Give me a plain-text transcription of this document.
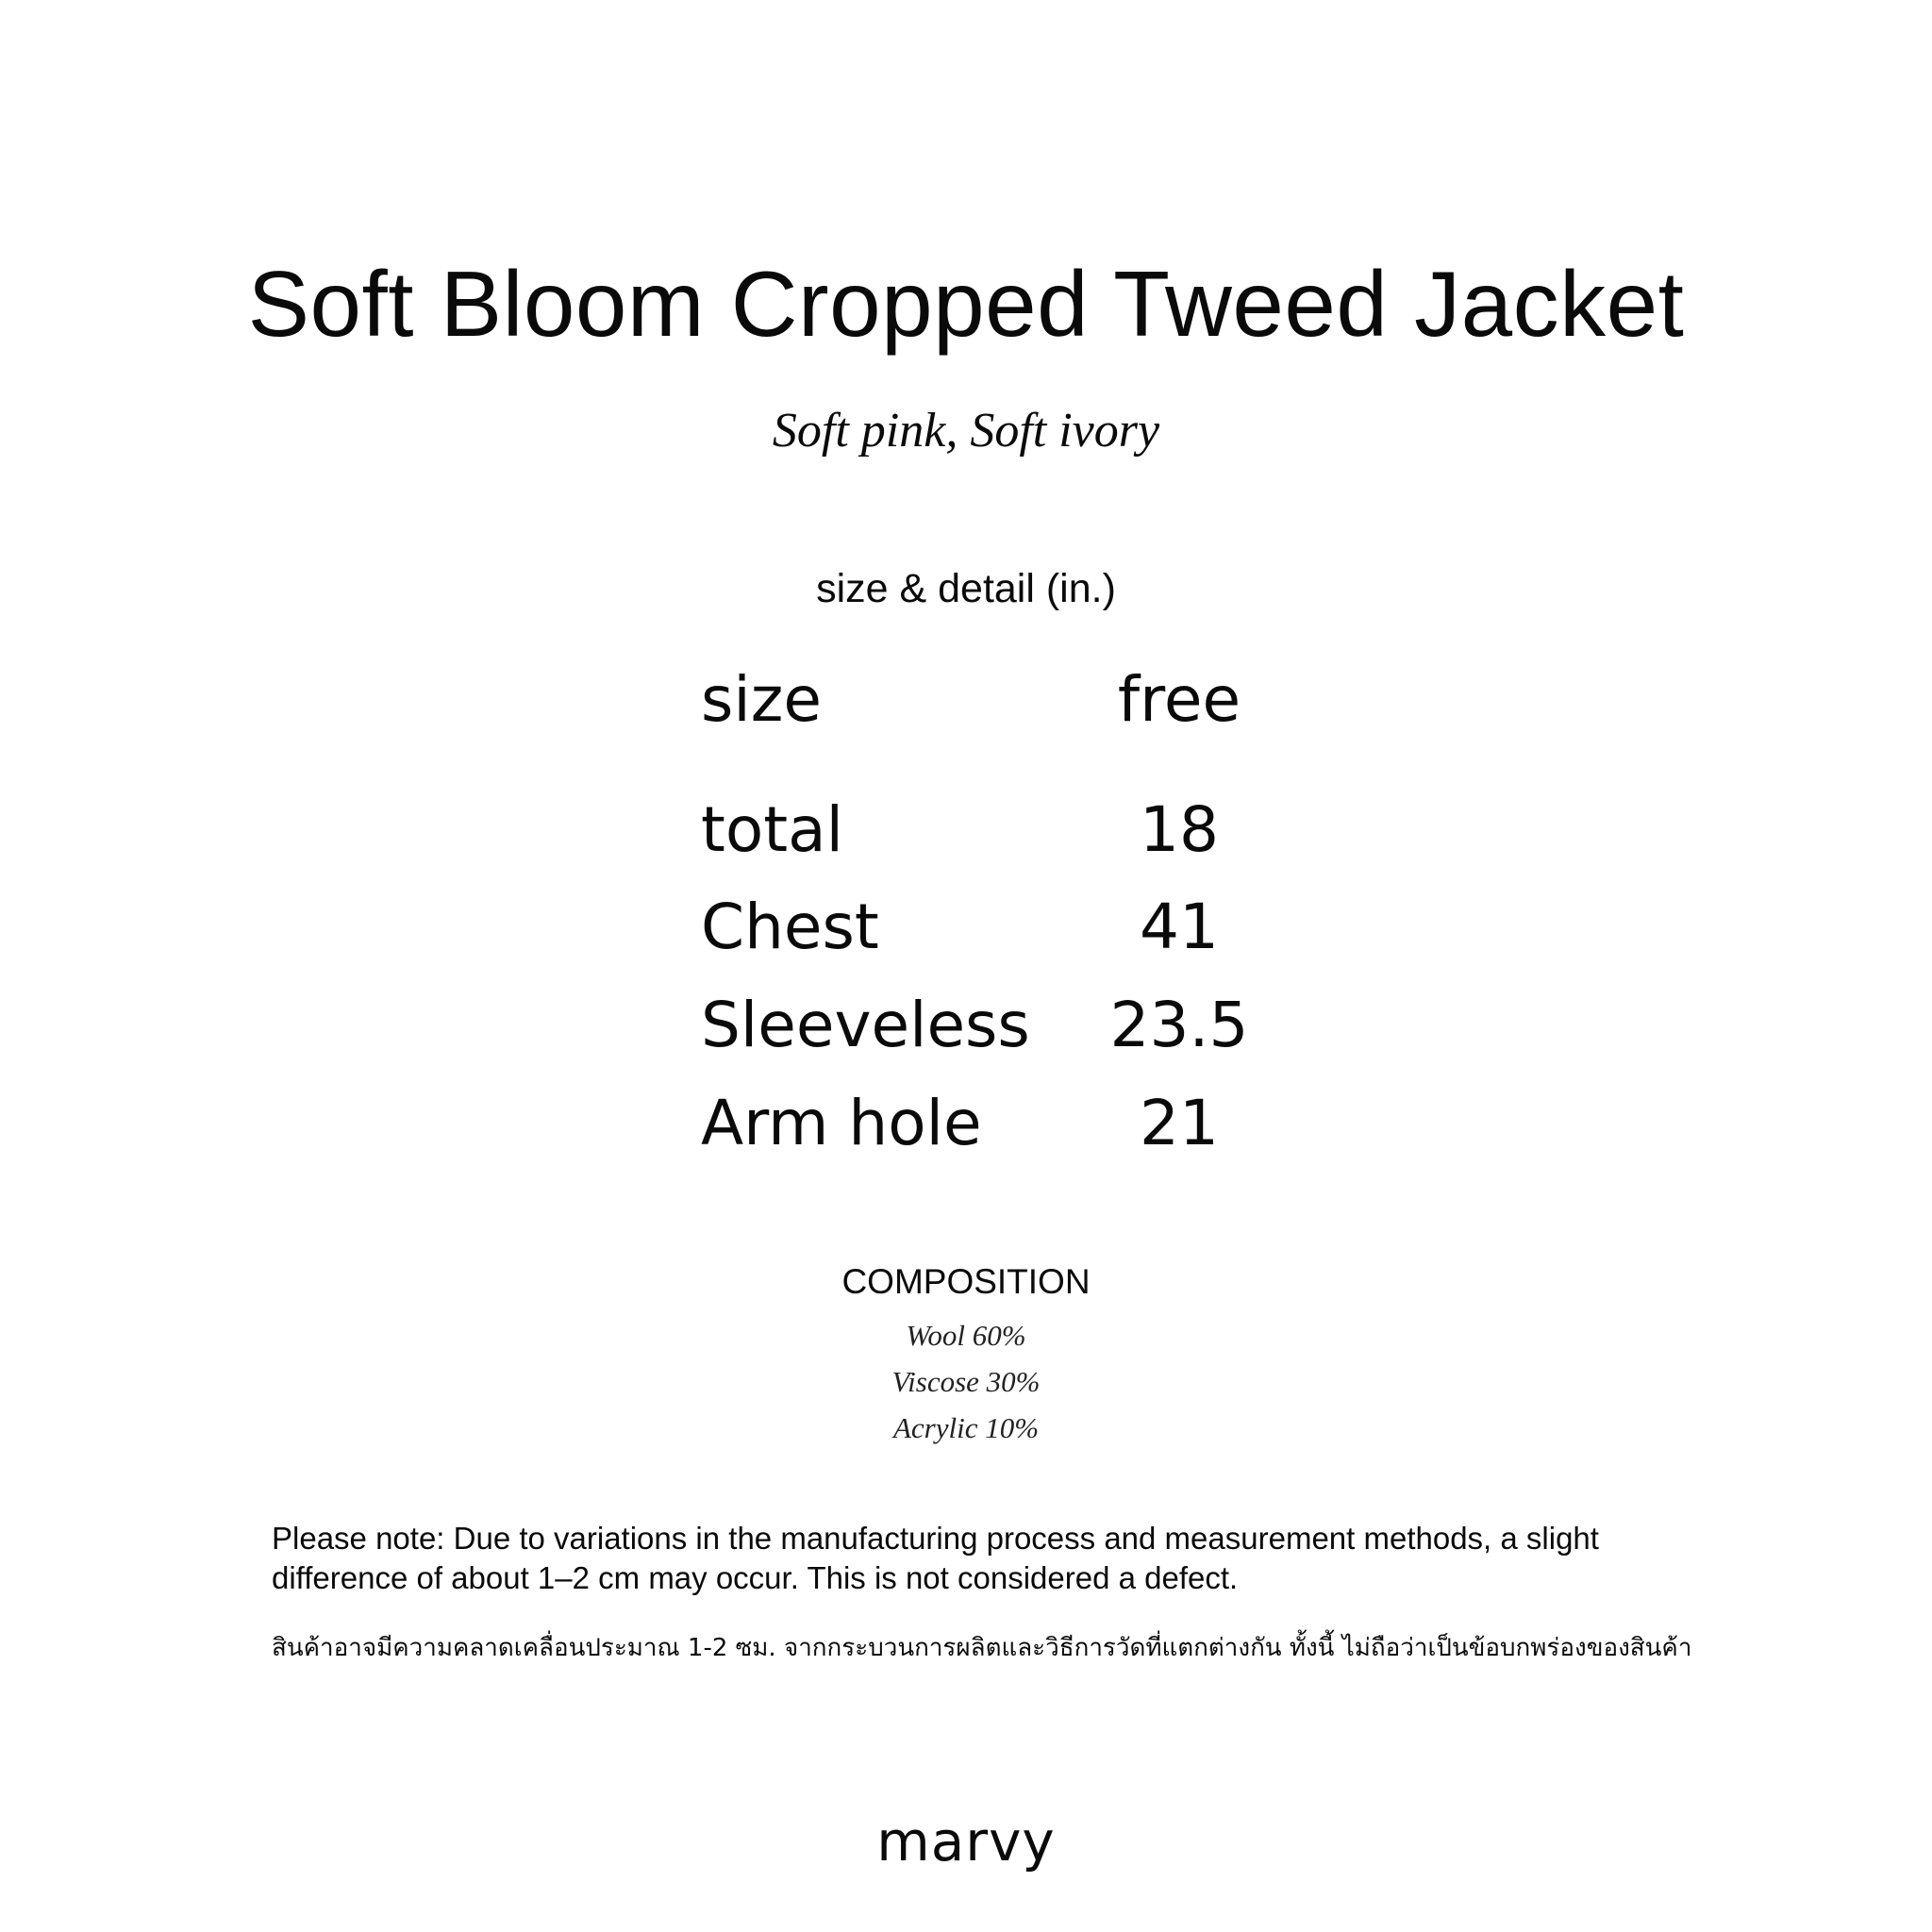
Soft Bloom Cropped Tweed Jacket
Soft pink, Soft ivory
size & detail (in.)
size	free
total	18
Chest	41
Sleeveless	23.5
Arm hole	21
COMPOSITION
Wool 60%
Viscose 30%
Acrylic 10%
Please note: Due to variations in the manufacturing process and measurement methods, a slight difference of about 1–2 cm may occur. This is not considered a defect.
สินค้าอาจมีความคลาดเคลื่อนประมาณ 1-2 ซม. จากกระบวนการผลิตและวิธีการวัดที่แตกต่างกัน ทั้งนี้ ไม่ถือว่าเป็นข้อบกพร่องของสินค้า
marvy
